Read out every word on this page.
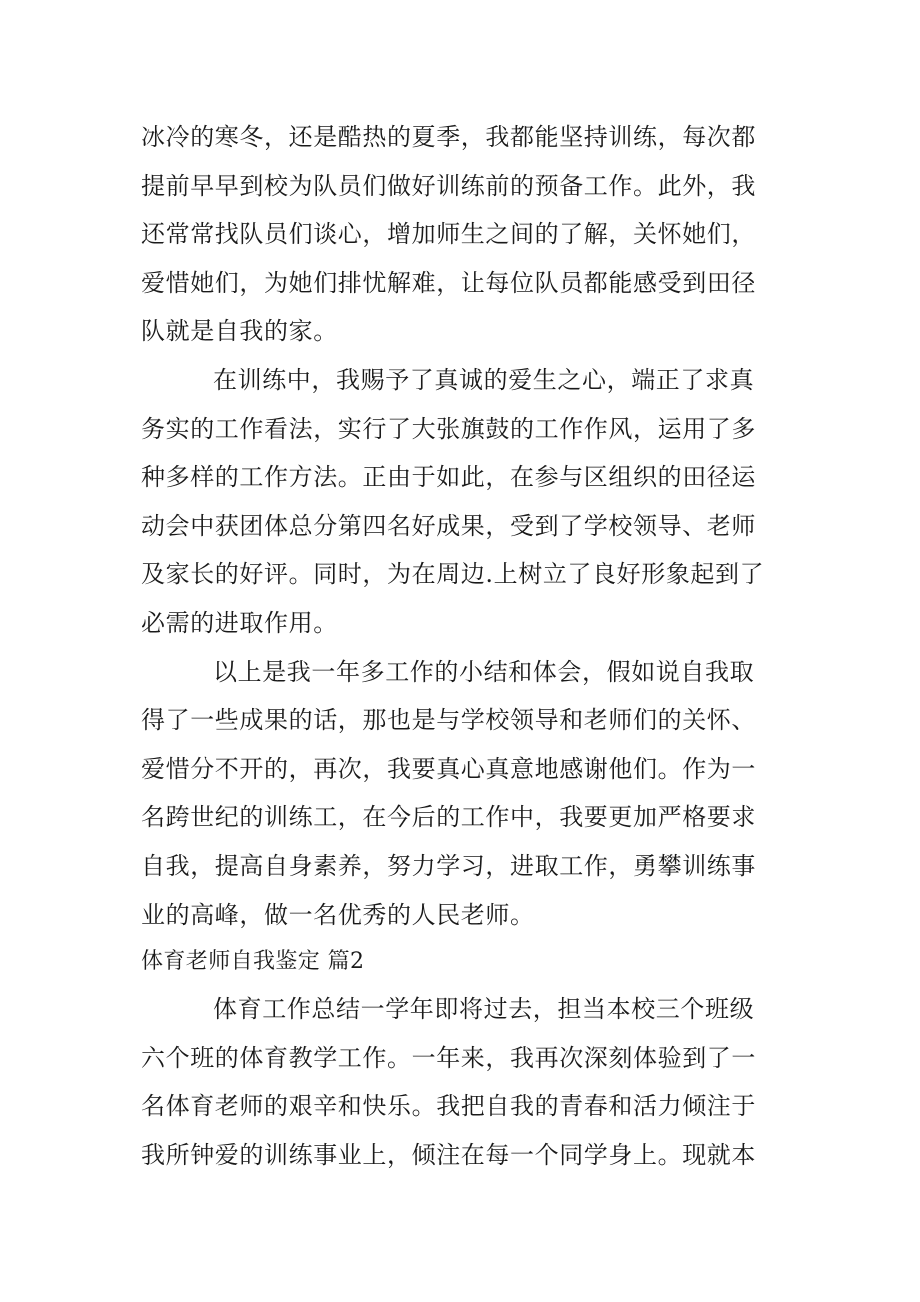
冰冷的寒冬，还是酷热的夏季，我都能坚持训练，每次都
提前早早到校为队员们做好训练前的预备工作。此外，我
还常常找队员们谈心，增加师生之间的了解，关怀她们，
爱惜她们，为她们排忧解难，让每位队员都能感受到田径
队就是自我的家。
在训练中，我赐予了真诚的爱生之心，端正了求真
务实的工作看法，实行了大张旗鼓的工作作风，运用了多
种多样的工作方法。正由于如此，在参与区组织的田径运
动会中获团体总分第四名好成果，受到了学校领导、老师
及家长的好评。同时，为在周边.上树立了良好形象起到了
必需的进取作用。
以上是我一年多工作的小结和体会，假如说自我取
得了一些成果的话，那也是与学校领导和老师们的关怀、
爱惜分不开的，再次，我要真心真意地感谢他们。作为一
名跨世纪的训练工，在今后的工作中，我要更加严格要求
自我，提高自身素养，努力学习，进取工作，勇攀训练事
业的高峰，做一名优秀的人民老师。
体育老师自我鉴定 篇2
体育工作总结一学年即将过去，担当本校三个班级
六个班的体育教学工作。一年来，我再次深刻体验到了一
名体育老师的艰辛和快乐。我把自我的青春和活力倾注于
我所钟爱的训练事业上，倾注在每一个同学身上。现就本
